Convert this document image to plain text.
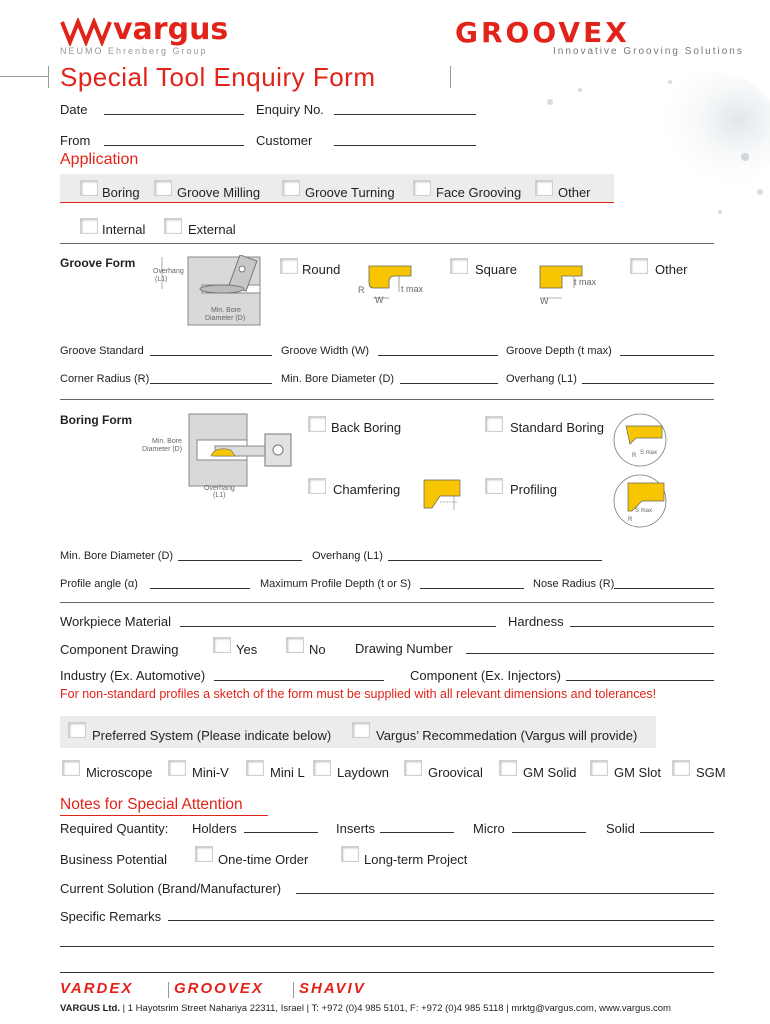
vargus
NEUMO Ehrenberg Group
GROOVEX
Innovative Grooving Solutions
Special Tool Enquiry Form
Date	Enquiry No.
From	Customer
Application
Boring	Groove Milling	Groove Turning	Face Grooving	Other
Internal	External
Groove Form
Overhang
(L1)
Min. Bore
Diameter (D)
Round
t max
R
W
Square
t max
W
Other
Groove Standard	Groove Width (W)	Groove Depth (t max)
Corner Radius (R)	Min. Bore Diameter (D)	Overhang (L1)
Boring Form
Min. Bore
Diameter (D)
Overhang
(L1)
Back Boring	Standard Boring
S max
R
Chamfering	Profiling
S max
R
Min. Bore Diameter (D)	Overhang (L1)
Profile angle (α)	Maximum Profile Depth (t or S)	Nose Radius (R)
Workpiece Material	Hardness
Component Drawing	Yes	No Drawing Number
Industry (Ex. Automotive)	Component (Ex. Injectors)
For non-standard profiles a sketch of the form must be supplied with all relevant dimensions and tolerances!
Preferred System (Please indicate below)	Vargus’ Recommedation (Vargus will provide)
Microscope	Mini-V	Mini L Laydown	Groovical	GM Solid	GM Slot	SGM
Notes for Special Attention
Required Quantity: Holders	Inserts	Micro	Solid
Business Potential	One-time Order	Long-term Project
Current Solution (Brand/Manufacturer)
Specific Remarks
VARDEX	GROOVEX SHAVIV
VARGUS Ltd. | 1 Hayotsrim Street Nahariya 22311, Israel | T: +972 (0)4 985 5101, F: +972 (0)4 985 5118 | mrktg@vargus.com, www.vargus.com
